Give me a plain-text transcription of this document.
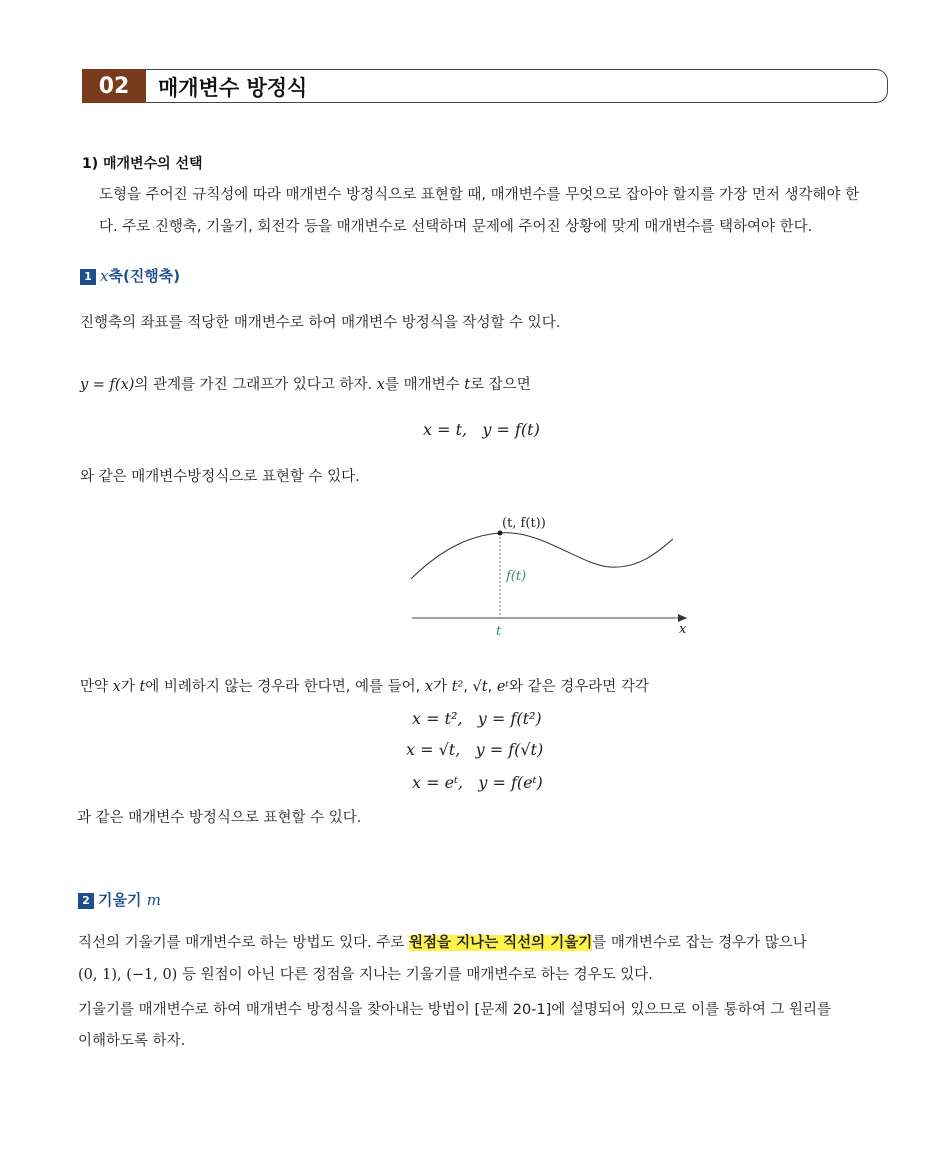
02	매개변수 방정식
1) 매개변수의 선택
도형을 주어진 규칙성에 따라 매개변수 방정식으로 표현할 때, 매개변수를 무엇으로 잡아야 할지를 가장 먼저 생각해야 한
다. 주로 진행축, 기울기, 회전각 등을 매개변수로 선택하며 문제에 주어진 상황에 맞게 매개변수를 택하여야 한다.
1 x축(진행축)
진행축의 좌표를 적당한 매개변수로 하여 매개변수 방정식을 작성할 수 있다.
y = f(x)의 관계를 가진 그래프가 있다고 하자. x를 매개변수 t로 잡으면
x = t,   y = f(t)
와 같은 매개변수방정식으로 표현할 수 있다.
(t, f(t))
f(t)
t	x
만약 x가 t에 비례하지 않는 경우라 한다면, 예를 들어, x가 t², √t, eᵗ와 같은 경우라면 각각
x = t²,   y = f(t²)
x = √t,   y = f(√t)
x = eᵗ,   y = f(eᵗ)
과 같은 매개변수 방정식으로 표현할 수 있다.
2 기울기 m
직선의 기울기를 매개변수로 하는 방법도 있다. 주로 원점을 지나는 직선의 기울기를 매개변수로 잡는 경우가 많으나
(0, 1), (−1, 0) 등 원점이 아닌 다른 정점을 지나는 기울기를 매개변수로 하는 경우도 있다.
기울기를 매개변수로 하여 매개변수 방정식을 찾아내는 방법이 [문제 20-1]에 설명되어 있으므로 이를 통하여 그 원리를
이해하도록 하자.
